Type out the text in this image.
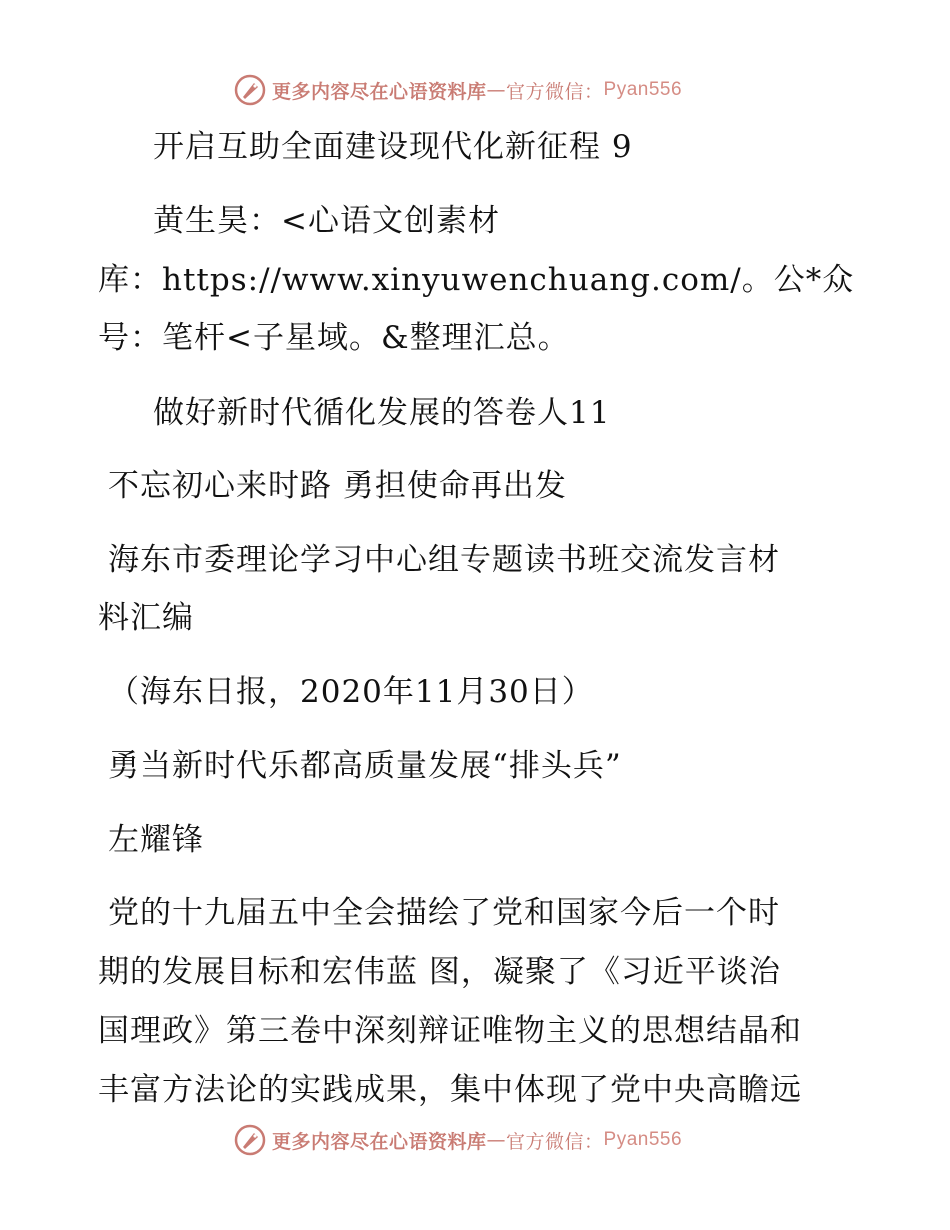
更多内容尽在心语资料库 — 官方微信： Pyan556

开启互助全面建设现代化新征程 9

黄生昊：<心语文创素材

库：https://www.xinyuwenchuang.com/。公*众

号：笔杆<子星域。&整理汇总。

做好新时代循化发展的答卷人11

不忘初心来时路 勇担使命再出发

海东市委理论学习中心组专题读书班交流发言材

料汇编

（海东日报，2020年11月30日）

勇当新时代乐都高质量发展“排头兵”

左耀锋

党的十九届五中全会描绘了党和国家今后一个时

期的发展目标和宏伟蓝 图，凝聚了《习近平谈治

国理政》第三卷中深刻辩证唯物主义的思想结晶和

丰富方法论的实践成果，集中体现了党中央高瞻远

更多内容尽在心语资料库 — 官方微信： Pyan556
